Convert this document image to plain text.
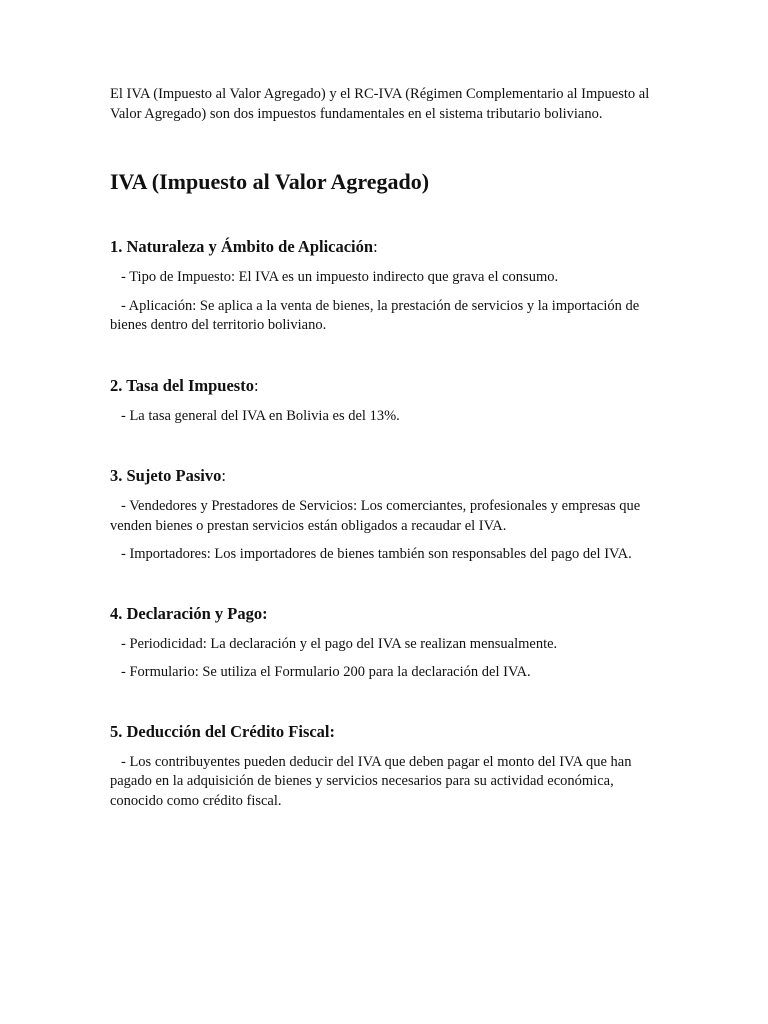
El IVA (Impuesto al Valor Agregado) y el RC-IVA (Régimen Complementario al Impuesto al Valor Agregado) son dos impuestos fundamentales en el sistema tributario boliviano.

IVA (Impuesto al Valor Agregado)
1. Naturaleza y Ámbito de Aplicación:

- Tipo de Impuesto: El IVA es un impuesto indirecto que grava el consumo.

- Aplicación: Se aplica a la venta de bienes, la prestación de servicios y la importación de bienes dentro del territorio boliviano.

2. Tasa del Impuesto:

- La tasa general del IVA en Bolivia es del 13%.

3. Sujeto Pasivo:

- Vendedores y Prestadores de Servicios: Los comerciantes, profesionales y empresas que venden bienes o prestan servicios están obligados a recaudar el IVA.

- Importadores: Los importadores de bienes también son responsables del pago del IVA.

4. Declaración y Pago:

- Periodicidad: La declaración y el pago del IVA se realizan mensualmente.

- Formulario: Se utiliza el Formulario 200 para la declaración del IVA.

5. Deducción del Crédito Fiscal:

- Los contribuyentes pueden deducir del IVA que deben pagar el monto del IVA que han pagado en la adquisición de bienes y servicios necesarios para su actividad económica, conocido como crédito fiscal.
